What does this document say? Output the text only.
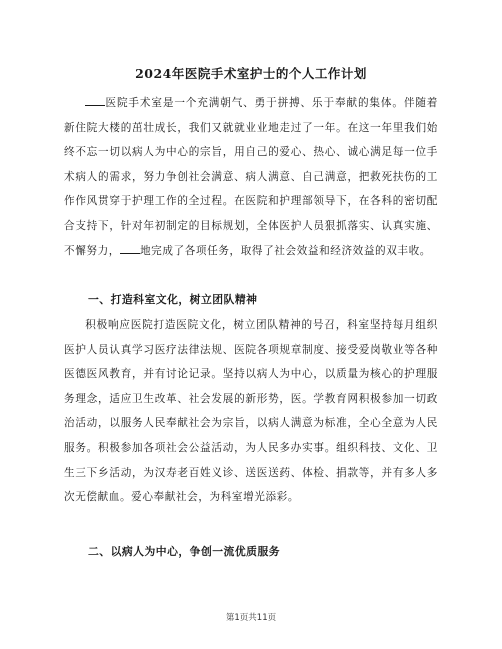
2024年医院手术室护士的个人工作计划

医院手术室是一个充满朝气、勇于拼搏、乐于奉献的集体。伴随着新住院大楼的茁壮成长，我们又就就业业地走过了一年。在这一年里我们始终不忘一切以病人为中心的宗旨，用自己的爱心、热心、诚心满足每一位手术病人的需求，努力争创社会满意、病人满意、自己满意，把救死扶伤的工作作风贯穿于护理工作的全过程。在医院和护理部领导下，在各科的密切配合支持下，针对年初制定的目标规划，全体医护人员狠抓落实、认真实施、不懈努力， 地完成了各项任务，取得了社会效益和经济效益的双丰收。

一、打造科室文化，树立团队精神

积极响应医院打造医院文化，树立团队精神的号召，科室坚持每月组织医护人员认真学习医疗法律法规、医院各项规章制度、接受爱岗敬业等各种医德医风教育，并有讨论记录。坚持以病人为中心，以质量为核心的护理服务理念，适应卫生改革、社会发展的新形势，医。学教育网积极参加一切政治活动，以服务人民奉献社会为宗旨，以病人满意为标准，全心全意为人民服务。积极参加各项社会公益活动，为人民多办实事。组织科技、文化、卫生三下乡活动，为汉寿老百姓义诊、送医送药、体检、捐款等，并有多人多次无偿献血。爱心奉献社会，为科室增光添彩。

二、以病人为中心，争创一流优质服务
第1页共11页
